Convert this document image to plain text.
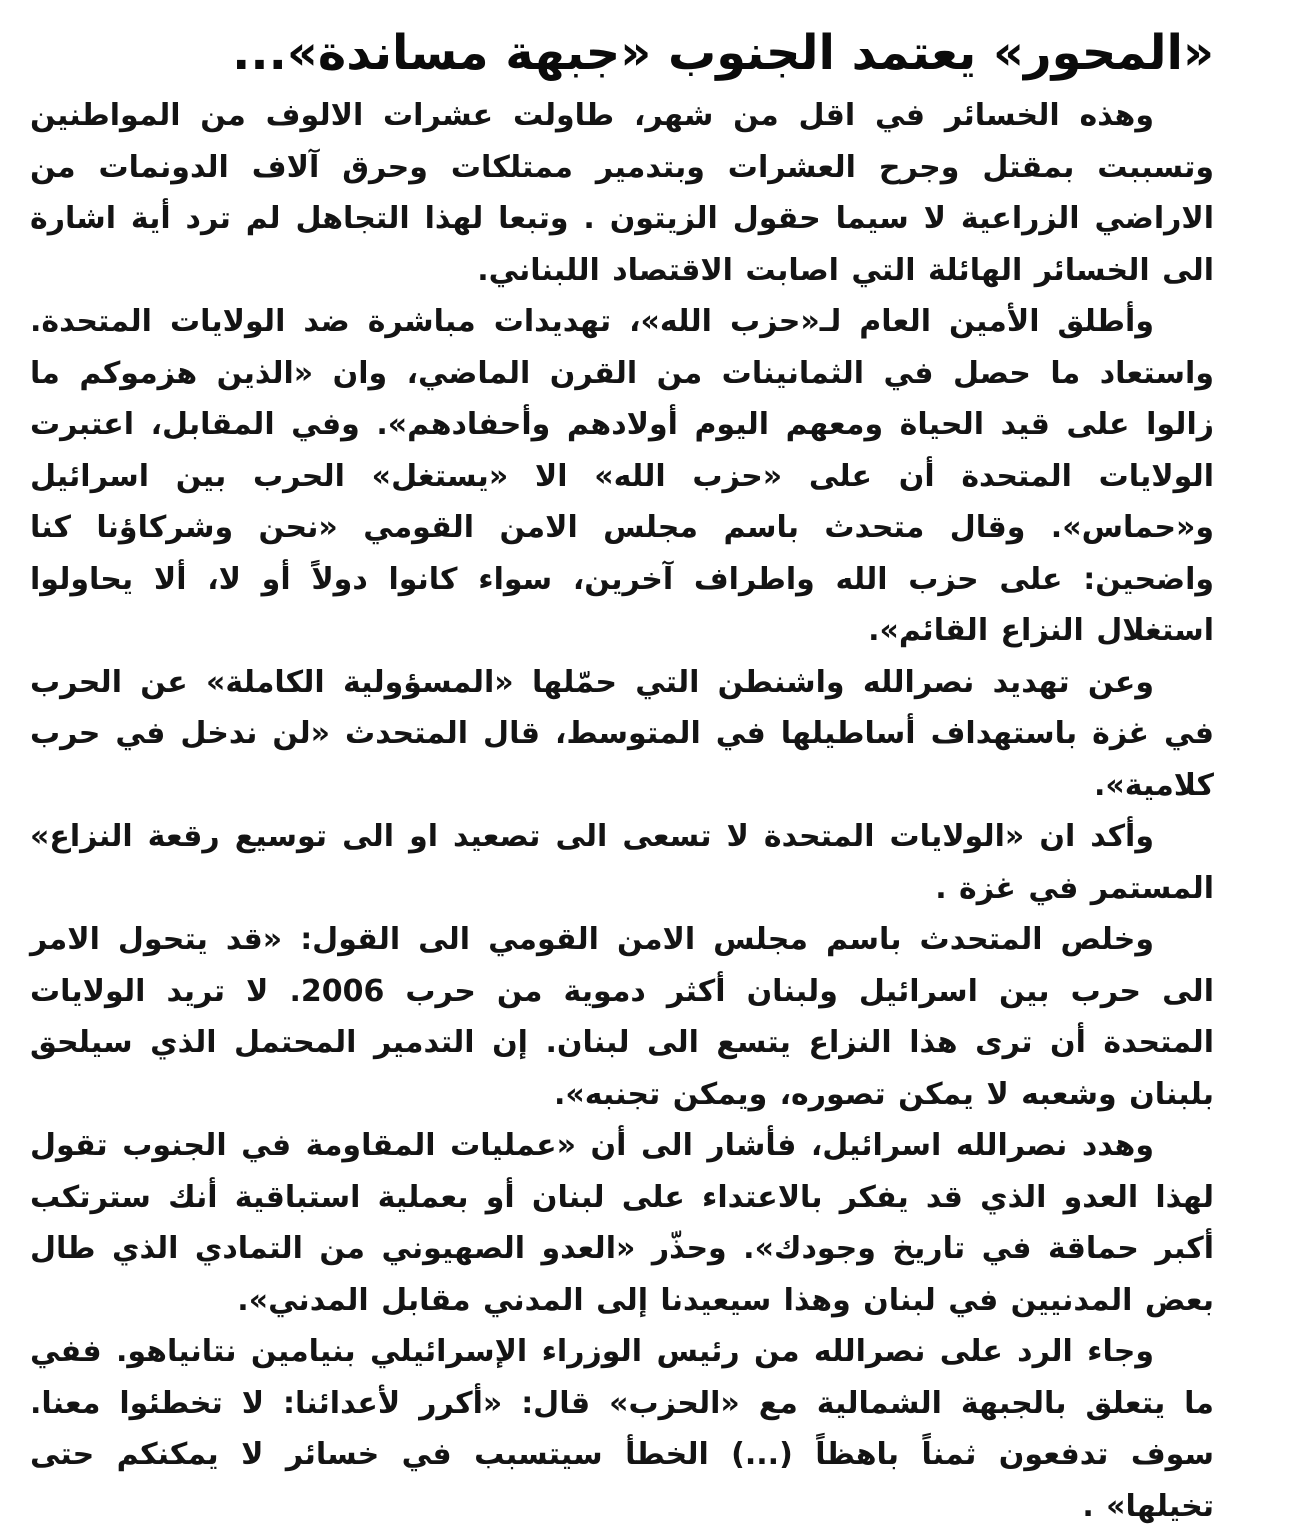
«المحور» يعتمد الجنوب «جبهة مساندة»...

وهذه الخسائر في اقل من شهر، طاولت عشرات الالوف من المواطنين وتسببت بمقتل وجرح العشرات وبتدمير ممتلكات وحرق آلاف الدونمات من الاراضي الزراعية لا سيما حقول الزيتون . وتبعا لهذا التجاهل لم ترد أية اشارة الى الخسائر الهائلة التي اصابت الاقتصاد اللبناني.

وأطلق الأمين العام لـ«حزب الله»، تهديدات مباشرة ضد الولايات المتحدة. واستعاد ما حصل في الثمانينات من القرن الماضي، وان «الذين هزموكم ما زالوا على قيد الحياة ومعهم اليوم أولادهم وأحفادهم». وفي المقابل، اعتبرت الولايات المتحدة أن على «حزب الله» الا «يستغل» الحرب بين اسرائيل و«حماس». وقال متحدث باسم مجلس الامن القومي «نحن وشركاؤنا كنا واضحين: على حزب الله واطراف آخرين، سواء كانوا دولاً أو لا، ألا يحاولوا استغلال النزاع القائم».

وعن تهديد نصرالله واشنطن التي حمّلها «المسؤولية الكاملة» عن الحرب في غزة باستهداف أساطيلها في المتوسط، قال المتحدث «لن ندخل في حرب كلامية».

وأكد ان «الولايات المتحدة لا تسعى الى تصعيد او الى توسيع رقعة النزاع» المستمر في غزة .

وخلص المتحدث باسم مجلس الامن القومي الى القول: «قد يتحول الامر الى حرب بين اسرائيل ولبنان أكثر دموية من حرب 2006. لا تريد الولايات المتحدة أن ترى هذا النزاع يتسع الى لبنان. إن التدمير المحتمل الذي سيلحق بلبنان وشعبه لا يمكن تصوره، ويمكن تجنبه».

وهدد نصرالله اسرائيل، فأشار الى أن «عمليات المقاومة في الجنوب تقول لهذا العدو الذي قد يفكر بالاعتداء على لبنان أو بعملية استباقية أنك سترتكب أكبر حماقة في تاريخ وجودك». وحذّر «العدو الصهيوني من التمادي الذي طال بعض المدنيين في لبنان وهذا سيعيدنا إلى المدني مقابل المدني».

وجاء الرد على نصرالله من رئيس الوزراء الإسرائيلي بنيامين نتانياهو. ففي ما يتعلق بالجبهة الشمالية مع «الحزب» قال: «أكرر لأعدائنا: لا تخطئوا معنا. سوف تدفعون ثمناً باهظاً (...) الخطأ سيتسبب في خسائر لا يمكنكم حتى تخيلها» .
